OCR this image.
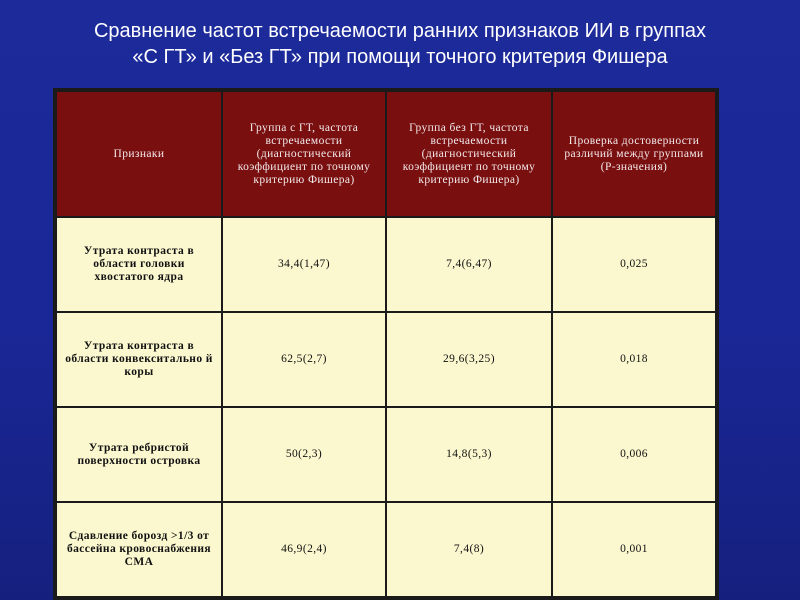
Сравнение частот встречаемости ранних признаков ИИ в группах
«С ГТ» и «Без ГТ» при помощи точного критерия Фишера
Признаки	Группа с ГТ, частота встречаемости (диагностический коэффициент по точному критерию Фишера)	Группа без ГТ, частота встречаемости (диагностический коэффициент по точному критерию Фишера)	Проверка достоверности различий между группами (Р-значения)
Утрата контраста в области головки хвостатого ядра	34,4(1,47)	7,4(6,47)	0,025
Утрата контраста в области конвекситально й коры	62,5(2,7)	29,6(3,25)	0,018
Утрата ребристой поверхности островка	50(2,3)	14,8(5,3)	0,006
Сдавление борозд >1/3 от бассейна кровоснабжения СМА	46,9(2,4)	7,4(8)	0,001
